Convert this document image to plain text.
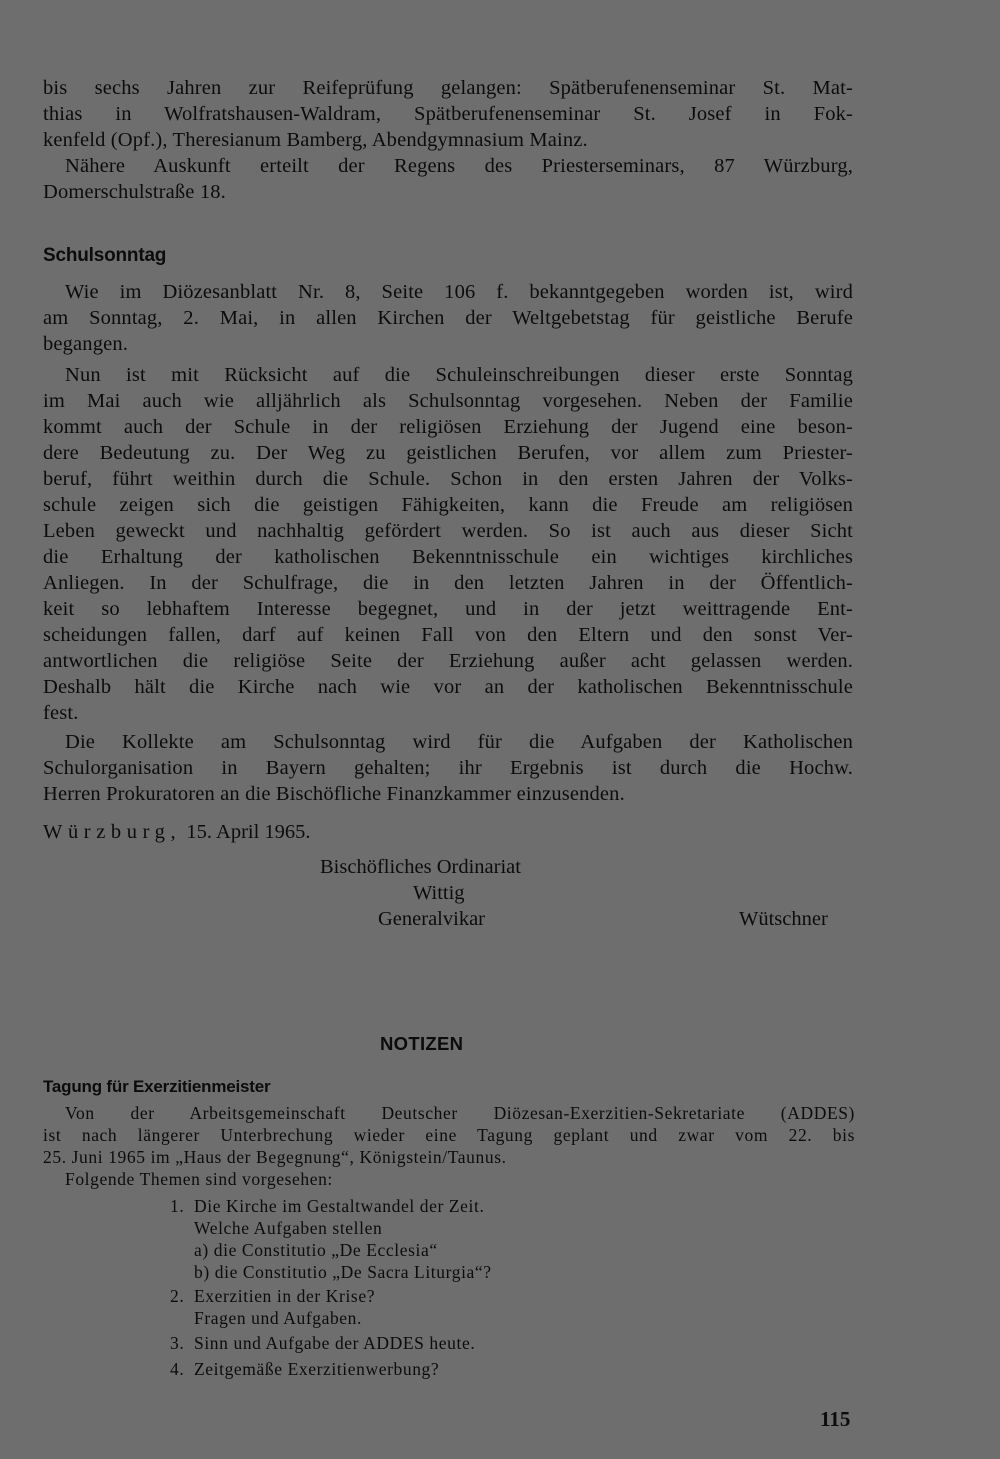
bis sechs Jahren zur Reifeprüfung gelangen: Spätberufenenseminar St. Mat-
thias in Wolfratshausen-Waldram, Spätberufenenseminar St. Josef in Fok-
kenfeld (Opf.), Theresianum Bamberg, Abendgymnasium Mainz.
Nähere Auskunft erteilt der Regens des Priesterseminars, 87 Würzburg,
Domerschulstraße 18.
Schulsonntag
Wie im Diözesanblatt Nr. 8, Seite 106 f. bekanntgegeben worden ist, wird
am Sonntag, 2. Mai, in allen Kirchen der Weltgebetstag für geistliche Berufe
begangen.
Nun ist mit Rücksicht auf die Schuleinschreibungen dieser erste Sonntag
im Mai auch wie alljährlich als Schulsonntag vorgesehen. Neben der Familie
kommt auch der Schule in der religiösen Erziehung der Jugend eine beson-
dere Bedeutung zu. Der Weg zu geistlichen Berufen, vor allem zum Priester-
beruf, führt weithin durch die Schule. Schon in den ersten Jahren der Volks-
schule zeigen sich die geistigen Fähigkeiten, kann die Freude am religiösen
Leben geweckt und nachhaltig gefördert werden. So ist auch aus dieser Sicht
die Erhaltung der katholischen Bekenntnisschule ein wichtiges kirchliches
Anliegen. In der Schulfrage, die in den letzten Jahren in der Öffentlich-
keit so lebhaftem Interesse begegnet, und in der jetzt weittragende Ent-
scheidungen fallen, darf auf keinen Fall von den Eltern und den sonst Ver-
antwortlichen die religiöse Seite der Erziehung außer acht gelassen werden.
Deshalb hält die Kirche nach wie vor an der katholischen Bekenntnisschule
fest.
Die Kollekte am Schulsonntag wird für die Aufgaben der Katholischen
Schulorganisation in Bayern gehalten; ihr Ergebnis ist durch die Hochw.
Herren Prokuratoren an die Bischöfliche Finanzkammer einzusenden.
Würzburg, 15. April 1965.
Bischöfliches Ordinariat
Wittig
Generalvikar	Wütschner
NOTIZEN
Tagung für Exerzitienmeister
Von der Arbeitsgemeinschaft Deutscher Diözesan-Exerzitien-Sekretariate (ADDES)
ist nach längerer Unterbrechung wieder eine Tagung geplant und zwar vom 22. bis
25. Juni 1965 im „Haus der Begegnung“, Königstein/Taunus.
Folgende Themen sind vorgesehen:
1. Die Kirche im Gestaltwandel der Zeit.
Welche Aufgaben stellen
a) die Constitutio „De Ecclesia“
b) die Constitutio „De Sacra Liturgia“?
2. Exerzitien in der Krise?
Fragen und Aufgaben.
3. Sinn und Aufgabe der ADDES heute.
4. Zeitgemäße Exerzitienwerbung?
115
